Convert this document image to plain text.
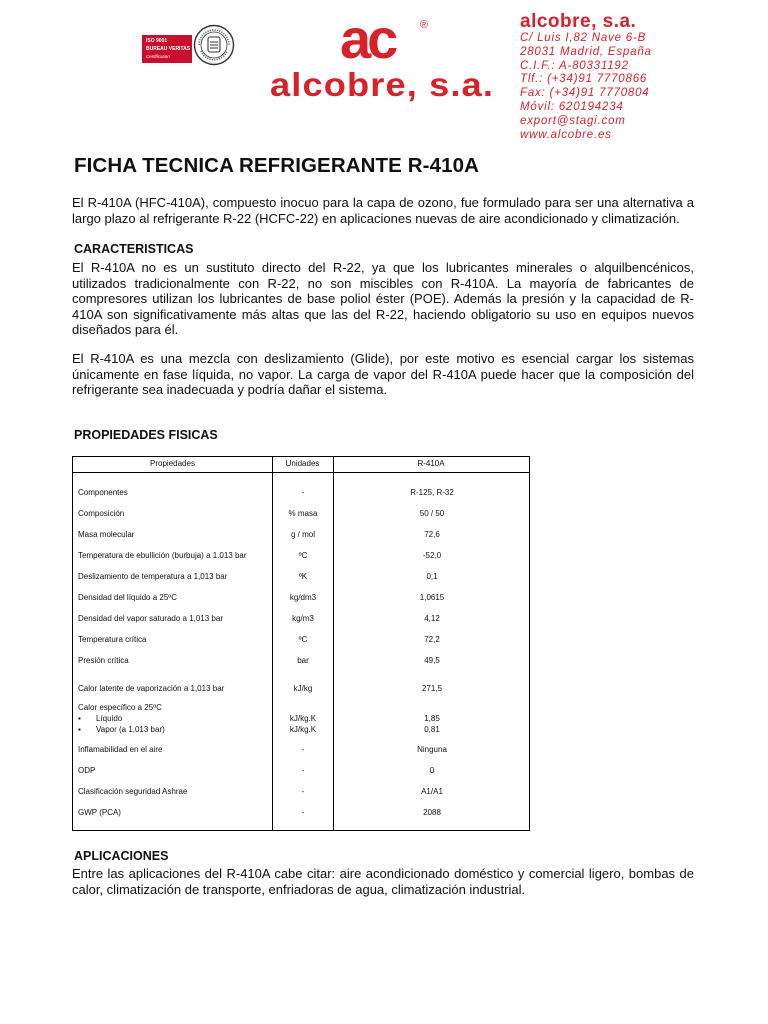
ISO 9001
BUREAU VERITAS
Certification	ac ®
alcobre, s.a.
alcobre, s.a.
C/ Luis I,82 Nave 6-B
28031 Madrid, España
C.I.F.: A-80331192
Tlf.: (+34)91 7770866
Fax: (+34)91 7770804
Móvil: 620194234
export@stagi.com
www.alcobre.es
FICHA TECNICA REFRIGERANTE R-410A

El R-410A (HFC-410A), compuesto inocuo para la capa de ozono, fue formulado para ser una alternativa a largo plazo al refrigerante R-22 (HCFC-22) en aplicaciones nuevas de aire acondicionado y climatización.

CARACTERISTICAS

El R-410A no es un sustituto directo del R-22, ya que los lubricantes minerales o alquilbencénicos, utilizados tradicionalmente con R-22, no son miscibles con R-410A. La mayoría de fabricantes de compresores utilizan los lubricantes de base poliol éster (POE). Además la presión y la capacidad de R-410A son significativamente más altas que las del R-22, haciendo obligatorio su uso en equipos nuevos diseñados para él.

El R-410A es una mezcla con deslizamiento (Glide), por este motivo es esencial cargar los sistemas únicamente en fase líquida, no vapor. La carga de vapor del R-410A puede hacer que la composición del refrigerante sea inadecuada y podría dañar el sistema.

PROPIEDADES FISICAS
Propiedades	Unidades	R-410A
Componentes	-	R-125, R-32
Composición	% masa	50 / 50
Masa molecular	g / mol	72,6
Temperatura de ebullición (burbuja) a 1.013 bar	ºC	-52,0
Deslizamiento de temperatura a 1,013 bar	ºK	0,1
Densidad del líquido a 25ºC	kg/dm3	1,0615
Densidad del vapor saturado a 1,013 bar	kg/m3	4,12
Temperatura crítica	ºC	72,2
Presión crítica	bar	49,5
Calor latente de vaporización a 1,013 bar	kJ/kg	271,5
Calor específico a 25ºC
▪ Líquido	kJ/kg.K	1,85
▪ Vapor (a 1,013 bar)	kJ/kg.K	0,81
Inflamabilidad en el aire	-	Ninguna
ODP	-	0
Clasificación seguridad Ashrae	-	A1/A1
GWP (PCA)	-	2088
APLICACIONES

Entre las aplicaciones del R-410A cabe citar: aire acondicionado doméstico y comercial ligero, bombas de calor, climatización de transporte, enfriadoras de agua, climatización industrial.
